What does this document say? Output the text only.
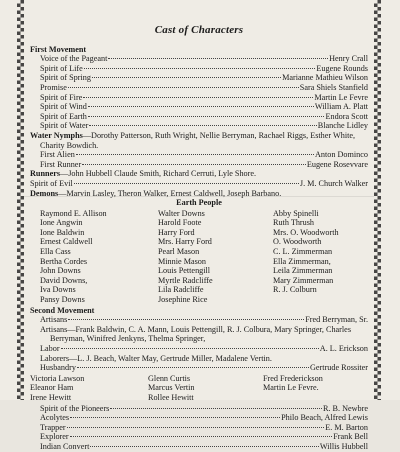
Cast of Characters
First Movement
Voice of the Pageant	Henry Crall
Spirit of Life	Eugene Rounds
Spirit of Spring	Marianne Mathieu Wilson
Promise	Sara Shiels Stanfield
Spirit of Fire	Martin Le Fevre
Spirit of Wind	William A. Platt
Spirit of Earth	Endora Scott
Spirit of Water	Blanche Lidley

Water Nymphs—Dorothy Patterson, Ruth Wright, Nellie Berryman, Rachael Riggs, Esther White, Charity Bowdich.

First Alien	Anton Dominco
First Runner	Eugene Rosevvare

Runners—John Hubbell Claude Smith, Richard Cerruti, Lyle Shore.

Spirit of Evil	J. M. Church Walker

Demons—Marvin Lasley, Theron Walker, Ernest Caldwell, Joseph Barbano.

Earth People
Raymond E. Allison	Walter Downs	Abby Spinelli
Ione Angwin	Harold Foote	Ruth Thrush
Ione Baldwin	Harry Ford	Mrs. O. Woodworth
Ernest Caldwell	Mrs. Harry Ford	O. Woodworth
Ella Cass	Pearl Mason	C. L. Zimmerman
Bertha Cordes	Minnie Mason	Ella Zimmerman,
John Downs	Louis Pettengill	Leila Zimmerman
David Downs,	Myrtle Radcliffe	Mary Zimmerman
Iva Downs	Lila Radcliffe	R. J. Colburn
Pansy Downs	Josephine Rice
Second Movement
Artisans	Fred Berryman, Sr.

Artisans—Frank Baldwin, C. A. Mann, Louis Pettengill, R. J. Colbura, Mary Springer, Charles Berryman, Winifred Jenkyns, Thelma Springer,

Labor	A. L. Erickson

Laborers—L. J. Beach, Walter May, Gertrude Miller, Madalene Vertin.

Husbandry	Gertrude Rossiter
Victoria Lawson	Glenn Curtis	Fred Frederickson
Eleanor Ham	Marcus Vertin	Martin Le Fevre.
Irene Hewitt	Rollee Hewitt
Spirit of the Pioneers	R. B. Newbre
Acolytes	Philo Beach, Alfred Lewis
Trapper	E. M. Barton
Explorer	Frank Bell
Indian Convert	Willis Hubbell
